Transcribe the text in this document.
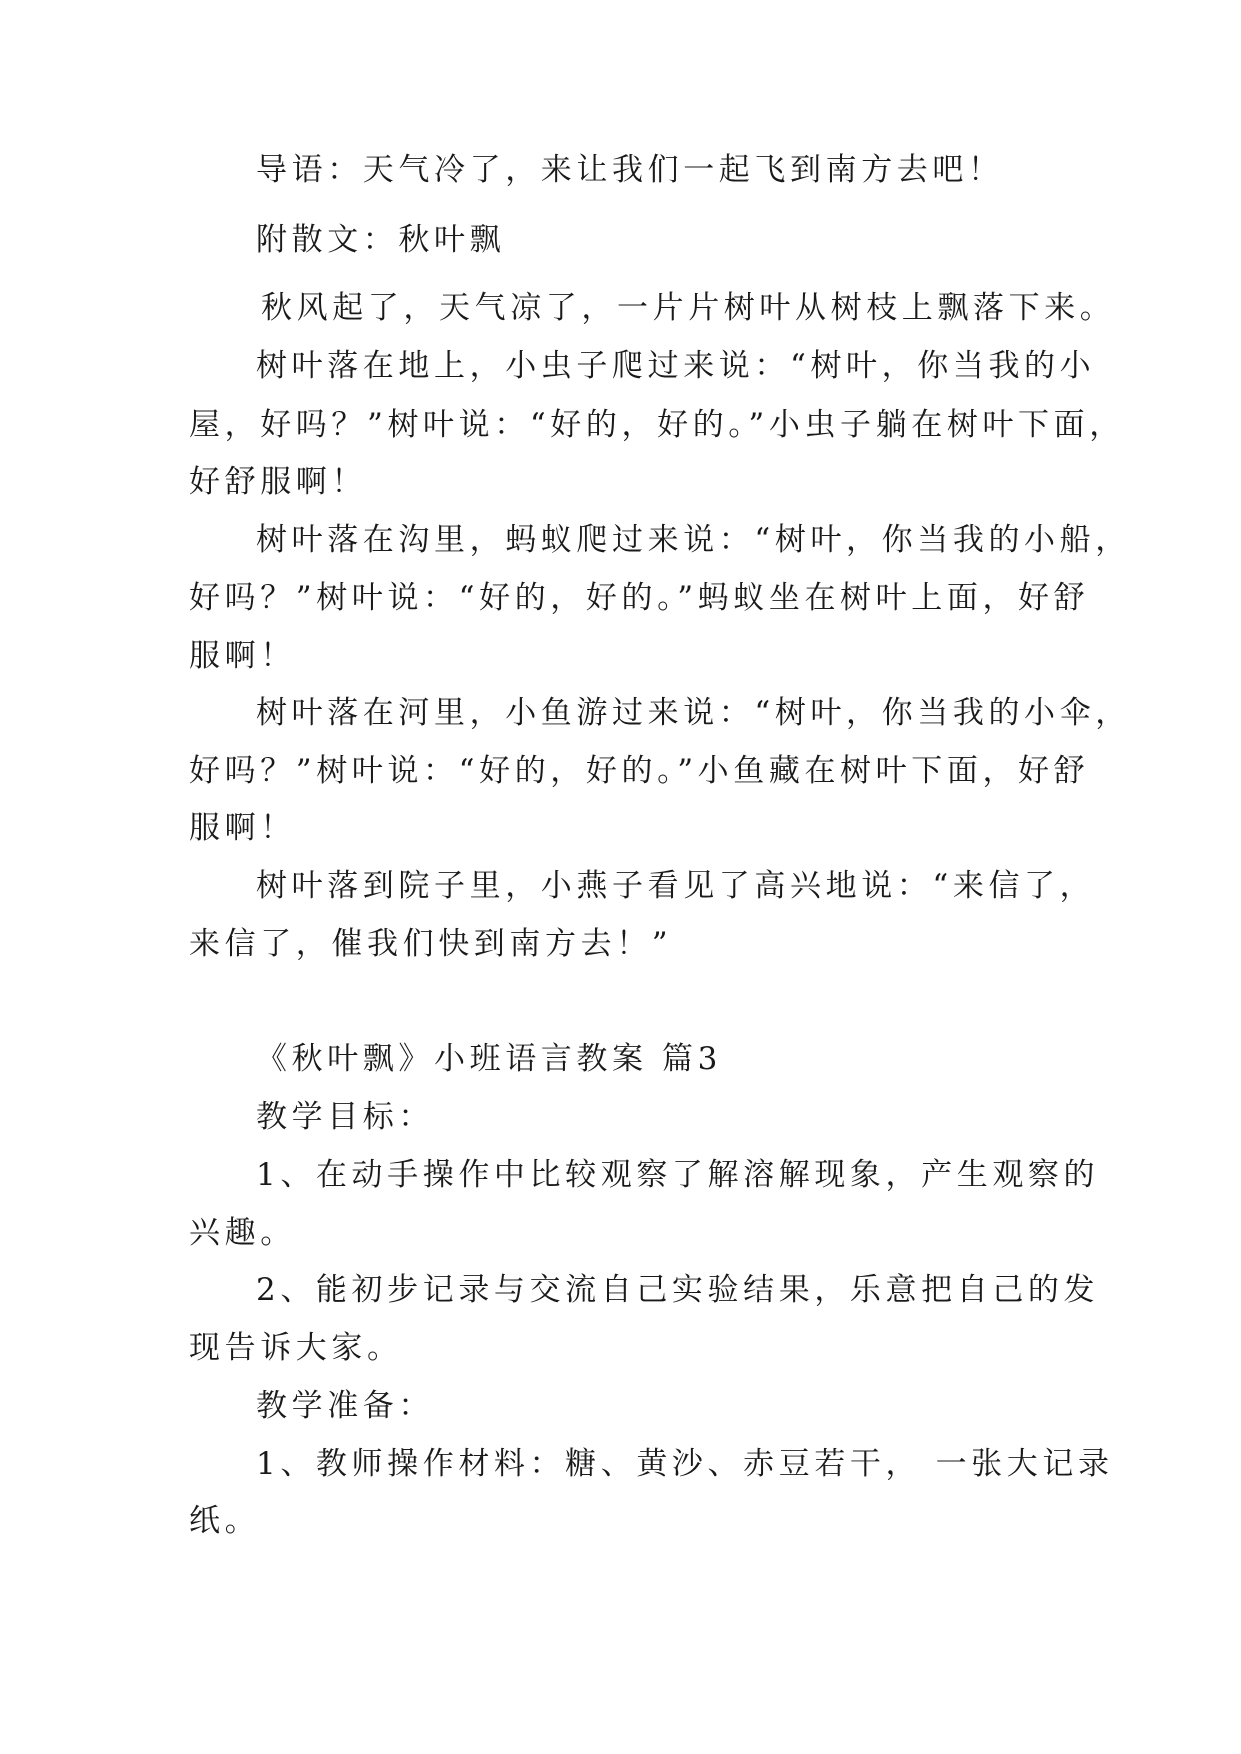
导语：天气冷了，来让我们一起飞到南方去吧！
附散文：秋叶飘
秋风起了，天气凉了，一片片树叶从树枝上飘落下来。
树叶落在地上，小虫子爬过来说：“树叶，你当我的小
屋，好吗？”树叶说：“好的，好的。”小虫子躺在树叶下面，
好舒服啊！
树叶落在沟里，蚂蚁爬过来说：“树叶，你当我的小船，
好吗？”树叶说：“好的，好的。”蚂蚁坐在树叶上面，好舒
服啊！
树叶落在河里，小鱼游过来说：“树叶，你当我的小伞，
好吗？”树叶说：“好的，好的。”小鱼藏在树叶下面，好舒
服啊！
树叶落到院子里，小燕子看见了高兴地说：“来信了，
来信了，催我们快到南方去！”
《秋叶飘》小班语言教案 篇3
教学目标：
1、在动手操作中比较观察了解溶解现象，产生观察的
兴趣。
2、能初步记录与交流自己实验结果，乐意把自己的发
现告诉大家。
教学准备：
1、教师操作材料：糖、黄沙、赤豆若干， 一张大记录
纸。
